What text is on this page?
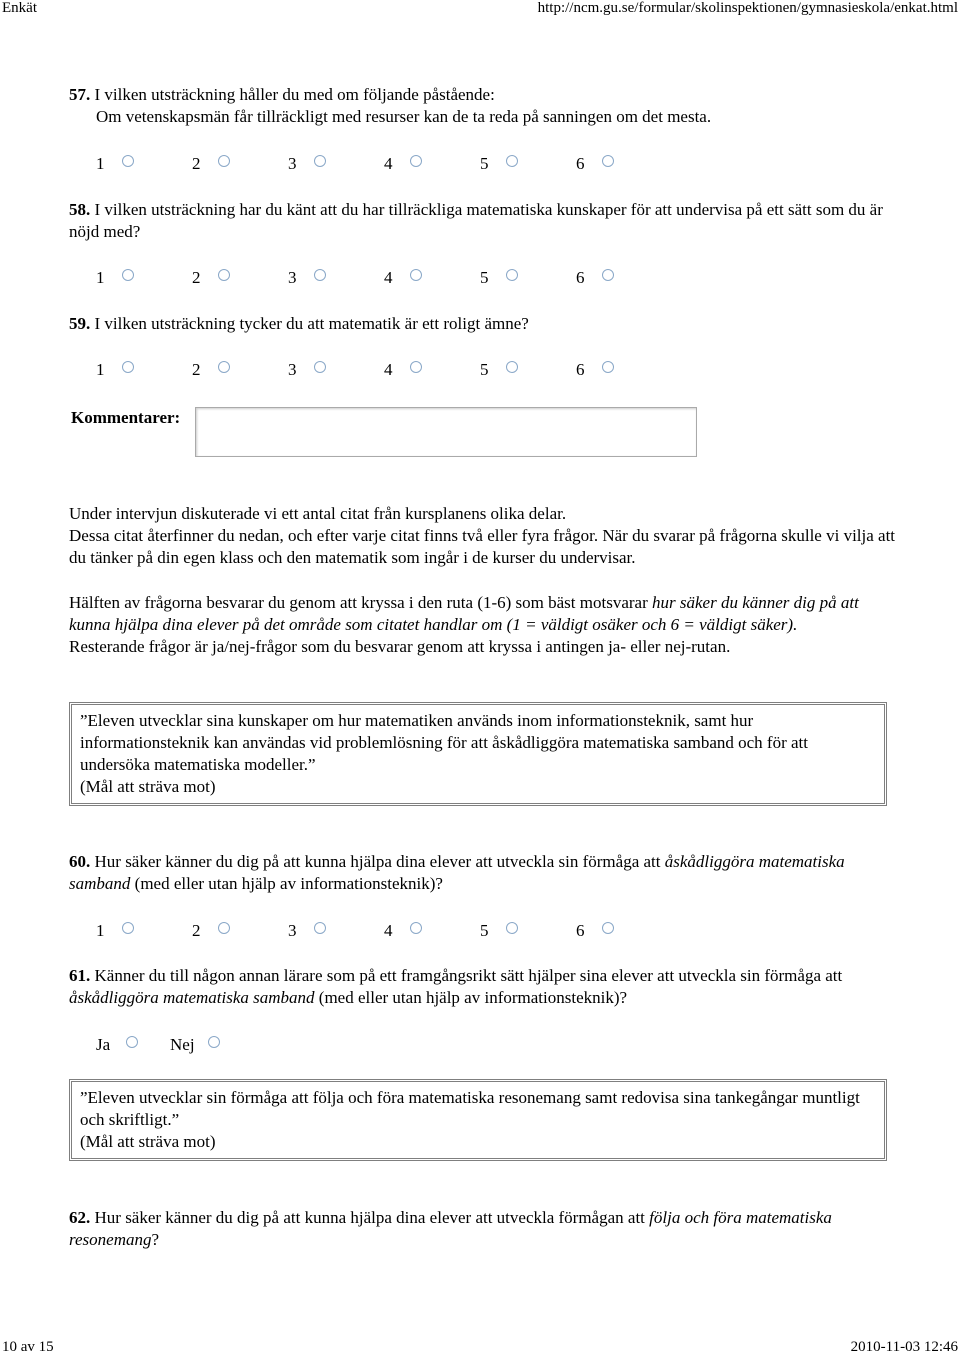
Enkät	http://ncm.gu.se/formular/skolinspektionen/gymnasieskola/enkat.html
57. I vilken utsträckning håller du med om följande påstående:
Om vetenskapsmän får tillräckligt med resurser kan de ta reda på sanningen om det mesta.
1	2	3	4	5	6
58. I vilken utsträckning har du känt att du har tillräckliga matematiska kunskaper för att undervisa på ett sätt som du är nöjd med?
1	2	3	4	5	6
59. I vilken utsträckning tycker du att matematik är ett roligt ämne?
1	2	3	4	5	6
Kommentarer:
Under intervjun diskuterade vi ett antal citat från kursplanens olika delar.
Dessa citat återfinner du nedan, och efter varje citat finns två eller fyra frågor. När du svarar på frågorna skulle vi vilja att du tänker på din egen klass och den matematik som ingår i de kurser du undervisar.
Hälften av frågorna besvarar du genom att kryssa i den ruta (1-6) som bäst motsvarar hur säker du känner dig på att kunna hjälpa dina elever på det område som citatet handlar om (1 = väldigt osäker och 6 = väldigt säker).
Resterande frågor är ja/nej-frågor som du besvarar genom att kryssa i antingen ja- eller nej-rutan.
”Eleven utvecklar sina kunskaper om hur matematiken används inom informationsteknik, samt hur informationsteknik kan användas vid problemlösning för att åskådliggöra matematiska samband och för att undersöka matematiska modeller.”
(Mål att sträva mot)
60. Hur säker känner du dig på att kunna hjälpa dina elever att utveckla sin förmåga att åskådliggöra matematiska samband (med eller utan hjälp av informationsteknik)?
1	2	3	4	5	6
61. Känner du till någon annan lärare som på ett framgångsrikt sätt hjälper sina elever att utveckla sin förmåga att åskådliggöra matematiska samband (med eller utan hjälp av informationsteknik)?
Ja	Nej
”Eleven utvecklar sin förmåga att följa och föra matematiska resonemang samt redovisa sina tankegångar muntligt och skriftligt.”
(Mål att sträva mot)
62. Hur säker känner du dig på att kunna hjälpa dina elever att utveckla förmågan att följa och föra matematiska resonemang?
10 av 15	2010-11-03 12:46
